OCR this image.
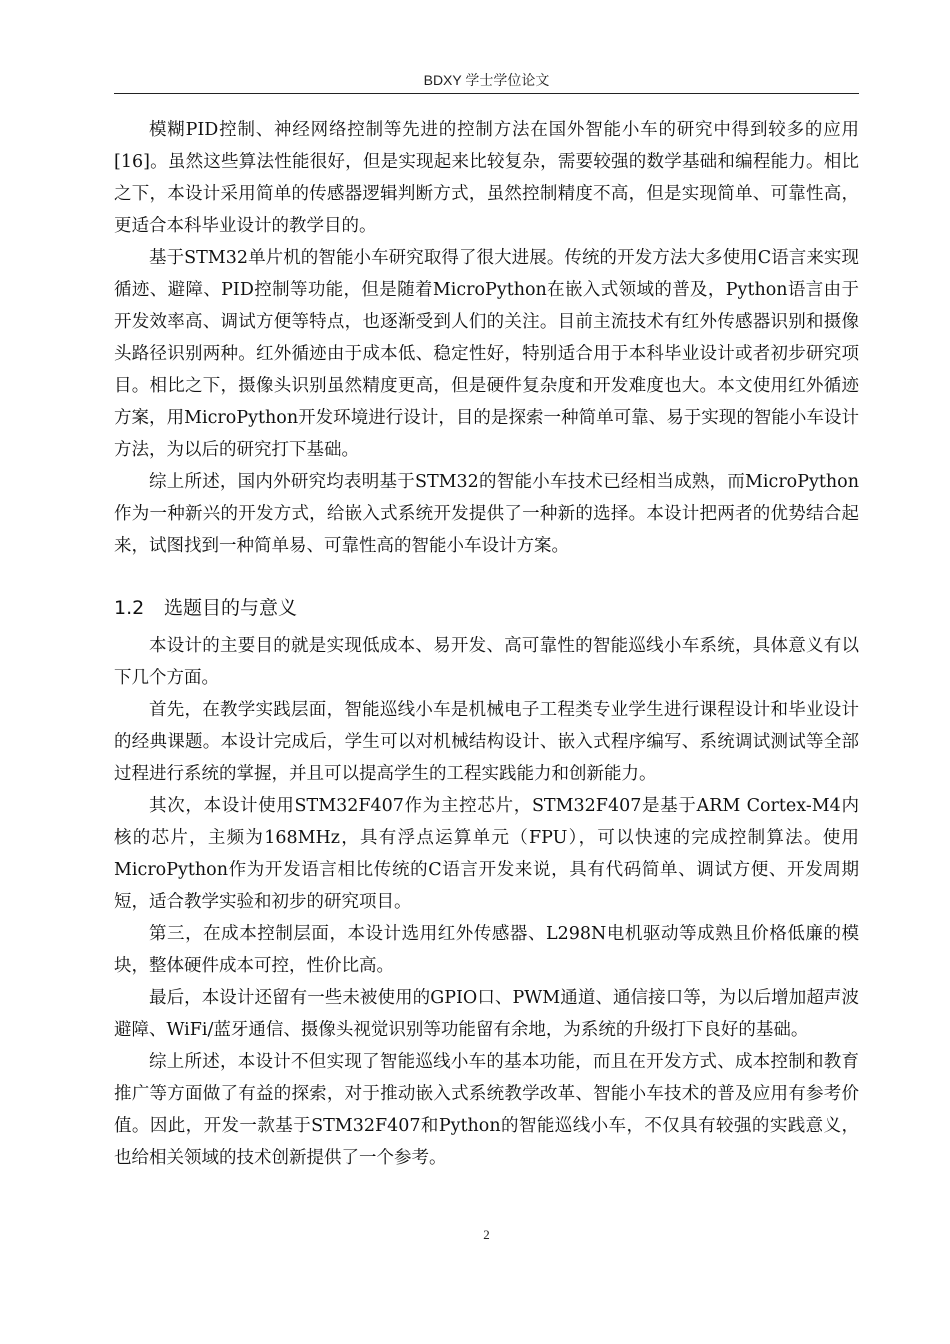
BDXY 学士学位论文

模糊PID控制、神经网络控制等先进的控制方法在国外智能小车的研究中得到较多的应用[16]。虽然这些算法性能很好，但是实现起来比较复杂，需要较强的数学基础和编程能力。相比之下，本设计采用简单的传感器逻辑判断方式，虽然控制精度不高，但是实现简单、可靠性高，更适合本科毕业设计的教学目的。

基于STM32单片机的智能小车研究取得了很大进展。传统的开发方法大多使用C语言来实现循迹、避障、PID控制等功能，但是随着MicroPython在嵌入式领域的普及，Python语言由于开发效率高、调试方便等特点，也逐渐受到人们的关注。目前主流技术有红外传感器识别和摄像头路径识别两种。红外循迹由于成本低、稳定性好，特别适合用于本科毕业设计或者初步研究项目。相比之下，摄像头识别虽然精度更高，但是硬件复杂度和开发难度也大。本文使用红外循迹方案，用MicroPython开发环境进行设计，目的是探索一种简单可靠、易于实现的智能小车设计方法，为以后的研究打下基础。

综上所述，国内外研究均表明基于STM32的智能小车技术已经相当成熟，而MicroPython作为一种新兴的开发方式，给嵌入式系统开发提供了一种新的选择。本设计把两者的优势结合起来，试图找到一种简单易、可靠性高的智能小车设计方案。

1.2 选题目的与意义

本设计的主要目的就是实现低成本、易开发、高可靠性的智能巡线小车系统，具体意义有以下几个方面。

首先，在教学实践层面，智能巡线小车是机械电子工程类专业学生进行课程设计和毕业设计的经典课题。本设计完成后，学生可以对机械结构设计、嵌入式程序编写、系统调试测试等全部过程进行系统的掌握，并且可以提高学生的工程实践能力和创新能力。

其次，本设计使用STM32F407作为主控芯片，STM32F407是基于ARM Cortex-M4内核的芯片，主频为168MHz，具有浮点运算单元（FPU），可以快速的完成控制算法。使用MicroPython作为开发语言相比传统的C语言开发来说，具有代码简单、调试方便、开发周期短，适合教学实验和初步的研究项目。

第三，在成本控制层面，本设计选用红外传感器、L298N电机驱动等成熟且价格低廉的模块，整体硬件成本可控，性价比高。

最后，本设计还留有一些未被使用的GPIO口、PWM通道、通信接口等，为以后增加超声波避障、WiFi/蓝牙通信、摄像头视觉识别等功能留有余地，为系统的升级打下良好的基础。

综上所述，本设计不但实现了智能巡线小车的基本功能，而且在开发方式、成本控制和教育推广等方面做了有益的探索，对于推动嵌入式系统教学改革、智能小车技术的普及应用有参考价值。因此，开发一款基于STM32F407和Python的智能巡线小车，不仅具有较强的实践意义，也给相关领域的技术创新提供了一个参考。

2
